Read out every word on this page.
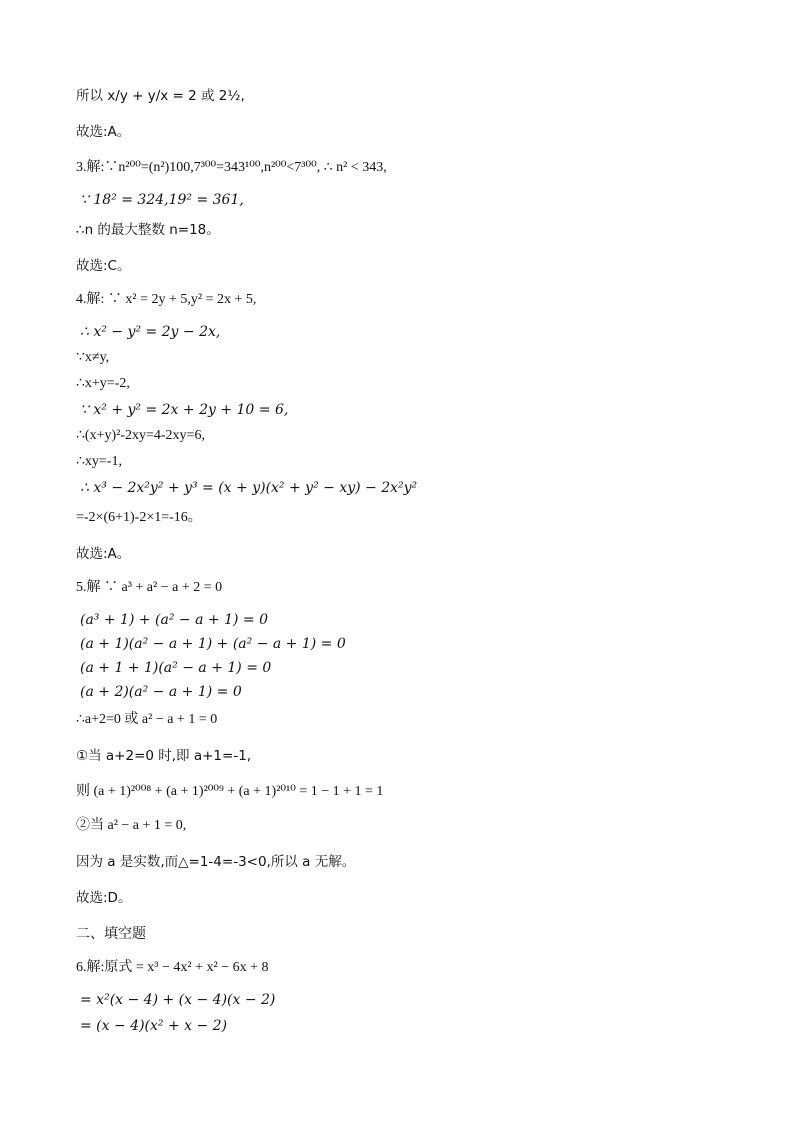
所以 x/y + y/x = 2 或 2½,
故选:A。
3.解:∵n²⁰⁰=(n²)100,7³⁰⁰=343¹⁰⁰,n²⁰⁰<7³⁰⁰, ∴ n² < 343,
∵ 18² = 324,19² = 361,
∴n 的最大整数 n=18。
故选:C。
4.解: ∵ x² = 2y + 5,y² = 2x + 5,
∴ x² − y² = 2y − 2x,
∵x≠y,
∴x+y=-2,
∵ x² + y² = 2x + 2y + 10 = 6,
∴(x+y)²-2xy=4-2xy=6,
∴xy=-1,
∴ x³ − 2x²y² + y³ = (x + y)(x² + y² − xy) − 2x²y²
=-2×(6+1)-2×1=-16。
故选:A。
5.解 ∵ a³ + a² − a + 2 = 0
(a³ + 1) + (a² − a + 1) = 0
(a + 1)(a² − a + 1) + (a² − a + 1) = 0
(a + 1 + 1)(a² − a + 1) = 0
(a + 2)(a² − a + 1) = 0
∴a+2=0 或 a² − a + 1 = 0
①当 a+2=0 时,即 a+1=-1,
则 (a + 1)²⁰⁰⁸ + (a + 1)²⁰⁰⁹ + (a + 1)²⁰¹⁰ = 1 − 1 + 1 = 1
②当 a² − a + 1 = 0,
因为 a 是实数,而△=1-4=-3<0,所以 a 无解。
故选:D。
二、填空题
6.解:原式 = x³ − 4x² + x² − 6x + 8
= x²(x − 4) + (x − 4)(x − 2)
= (x − 4)(x² + x − 2)
